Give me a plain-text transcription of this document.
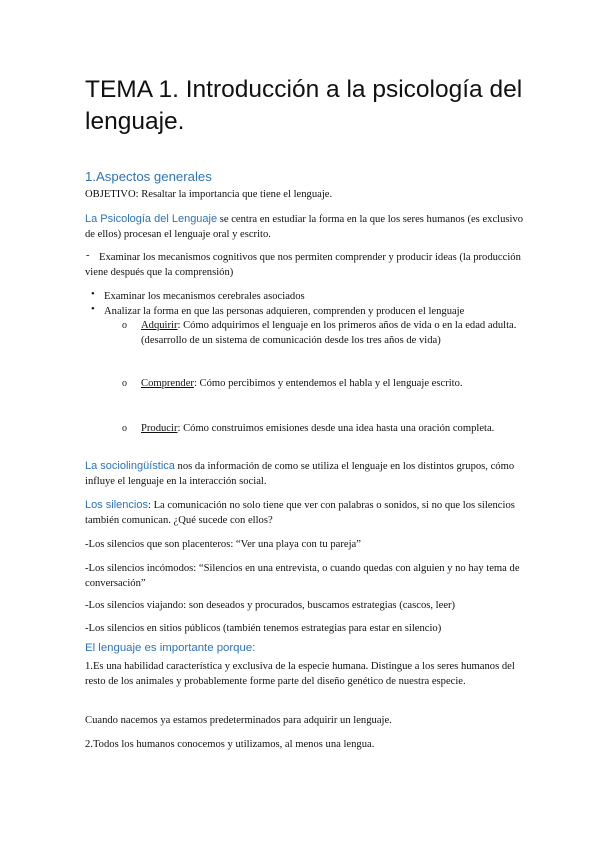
TEMA 1. Introducción a la psicología del lenguaje.
1.Aspectos generales
OBJETIVO: Resaltar la importancia que tiene el lenguaje.
La Psicología del Lenguaje se centra en estudiar la forma en la que los seres humanos (es exclusivo de ellos) procesan el lenguaje oral y escrito.
- Examinar los mecanismos cognitivos que nos permiten comprender y producir ideas (la producción viene después que la comprensión)
• Examinar los mecanismos cerebrales asociados
• Analizar la forma en que las personas adquieren, comprenden y producen el lenguaje
o Adquirir: Cómo adquirimos el lenguaje en los primeros años de vida o en la edad adulta. (desarrollo de un sistema de comunicación desde los tres años de vida)
o Comprender: Cómo percibimos y entendemos el habla y el lenguaje escrito.
o Producir: Cómo construimos emisiones desde una idea hasta una oración completa.
La sociolingüística nos da información de como se utiliza el lenguaje en los distintos grupos, cómo influye el lenguaje en la interacción social.
Los silencios: La comunicación no solo tiene que ver con palabras o sonidos, si no que los silencios también comunican. ¿Qué sucede con ellos?
-Los silencios que son placenteros: “Ver una playa con tu pareja”
-Los silencios incómodos: “Silencios en una entrevista, o cuando quedas con alguien y no hay tema de conversación”
-Los silencios viajando: son deseados y procurados, buscamos estrategias (cascos, leer)
-Los silencios en sitios públicos (también tenemos estrategias para estar en silencio)
El lenguaje es importante porque:
1.Es una habilidad característica y exclusiva de la especie humana. Distingue a los seres humanos del resto de los animales y probablemente forme parte del diseño genético de nuestra especie.
Cuando nacemos ya estamos predeterminados para adquirir un lenguaje.
2.Todos los humanos conocemos y utilizamos, al menos una lengua.
